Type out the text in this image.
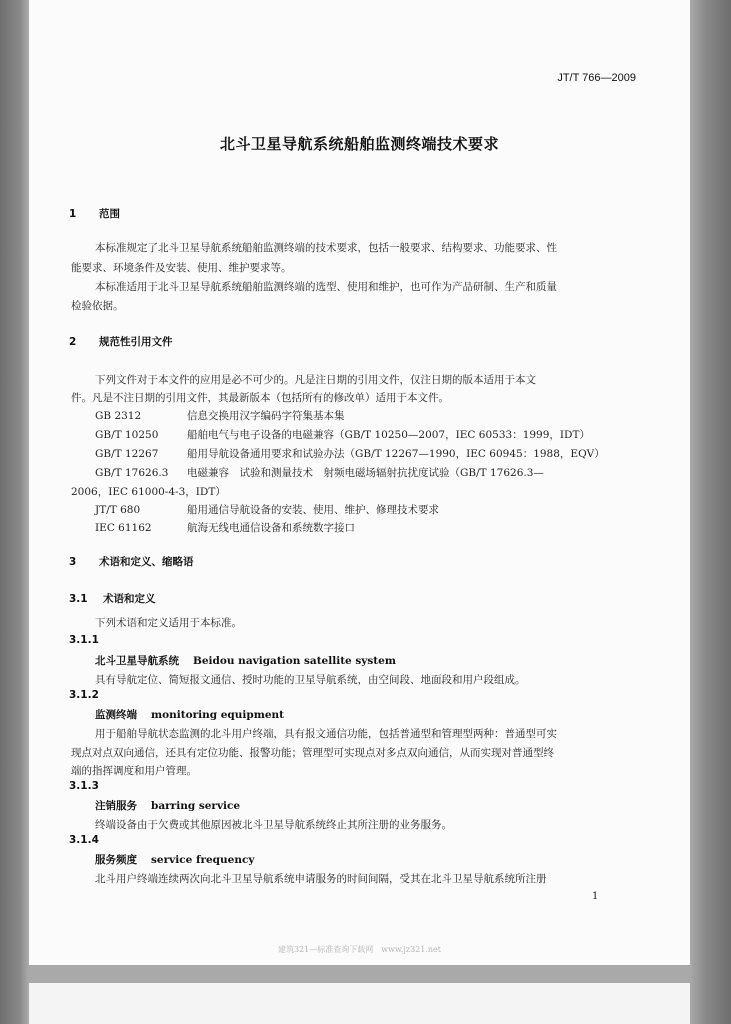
JT/T 766—2009
北斗卫星导航系统船舶监测终端技术要求
1 范围
本标准规定了北斗卫星导航系统船舶监测终端的技术要求，包括一般要求、结构要求、功能要求、性
能要求、环境条件及安装、使用、维护要求等。
本标准适用于北斗卫星导航系统船舶监测终端的选型、使用和维护，也可作为产品研制、生产和质量
检验依据。
2 规范性引用文件
下列文件对于本文件的应用是必不可少的。凡是注日期的引用文件，仅注日期的版本适用于本文
件。凡是不注日期的引用文件，其最新版本（包括所有的修改单）适用于本文件。
GB 2312	信息交换用汉字编码字符集基本集
GB/T 10250	船舶电气与电子设备的电磁兼容（GB/T 10250—2007，IEC 60533：1999，IDT）
GB/T 12267	船用导航设备通用要求和试验办法（GB/T 12267—1990，IEC 60945：1988，EQV）
GB/T 17626.3 电磁兼容　试验和测量技术　射频电磁场辐射抗扰度试验（GB/T 17626.3—
2006，IEC 61000-4-3，IDT）
JT/T 680	船用通信导航设备的安装、使用、维护、修理技术要求
IEC 61162	航海无线电通信设备和系统数字接口
3 术语和定义、缩略语
3.1 术语和定义
下列术语和定义适用于本标准。
3.1.1
北斗卫星导航系统 Beidou navigation satellite system
具有导航定位、简短报文通信、授时功能的卫星导航系统，由空间段、地面段和用户段组成。
3.1.2
监测终端 monitoring equipment
用于船舶导航状态监测的北斗用户终端，具有报文通信功能，包括普通型和管理型两种：普通型可实
现点对点双向通信，还具有定位功能、报警功能；管理型可实现点对多点双向通信，从而实现对普通型终
端的指挥调度和用户管理。
3.1.3
注销服务 barring service
终端设备由于欠费或其他原因被北斗卫星导航系统终止其所注册的业务服务。
3.1.4
服务频度 service frequency
北斗用户终端连续两次向北斗卫星导航系统申请服务的时间间隔，受其在北斗卫星导航系统所注册
1
建筑321—标准查询下载网　www.jz321.net
